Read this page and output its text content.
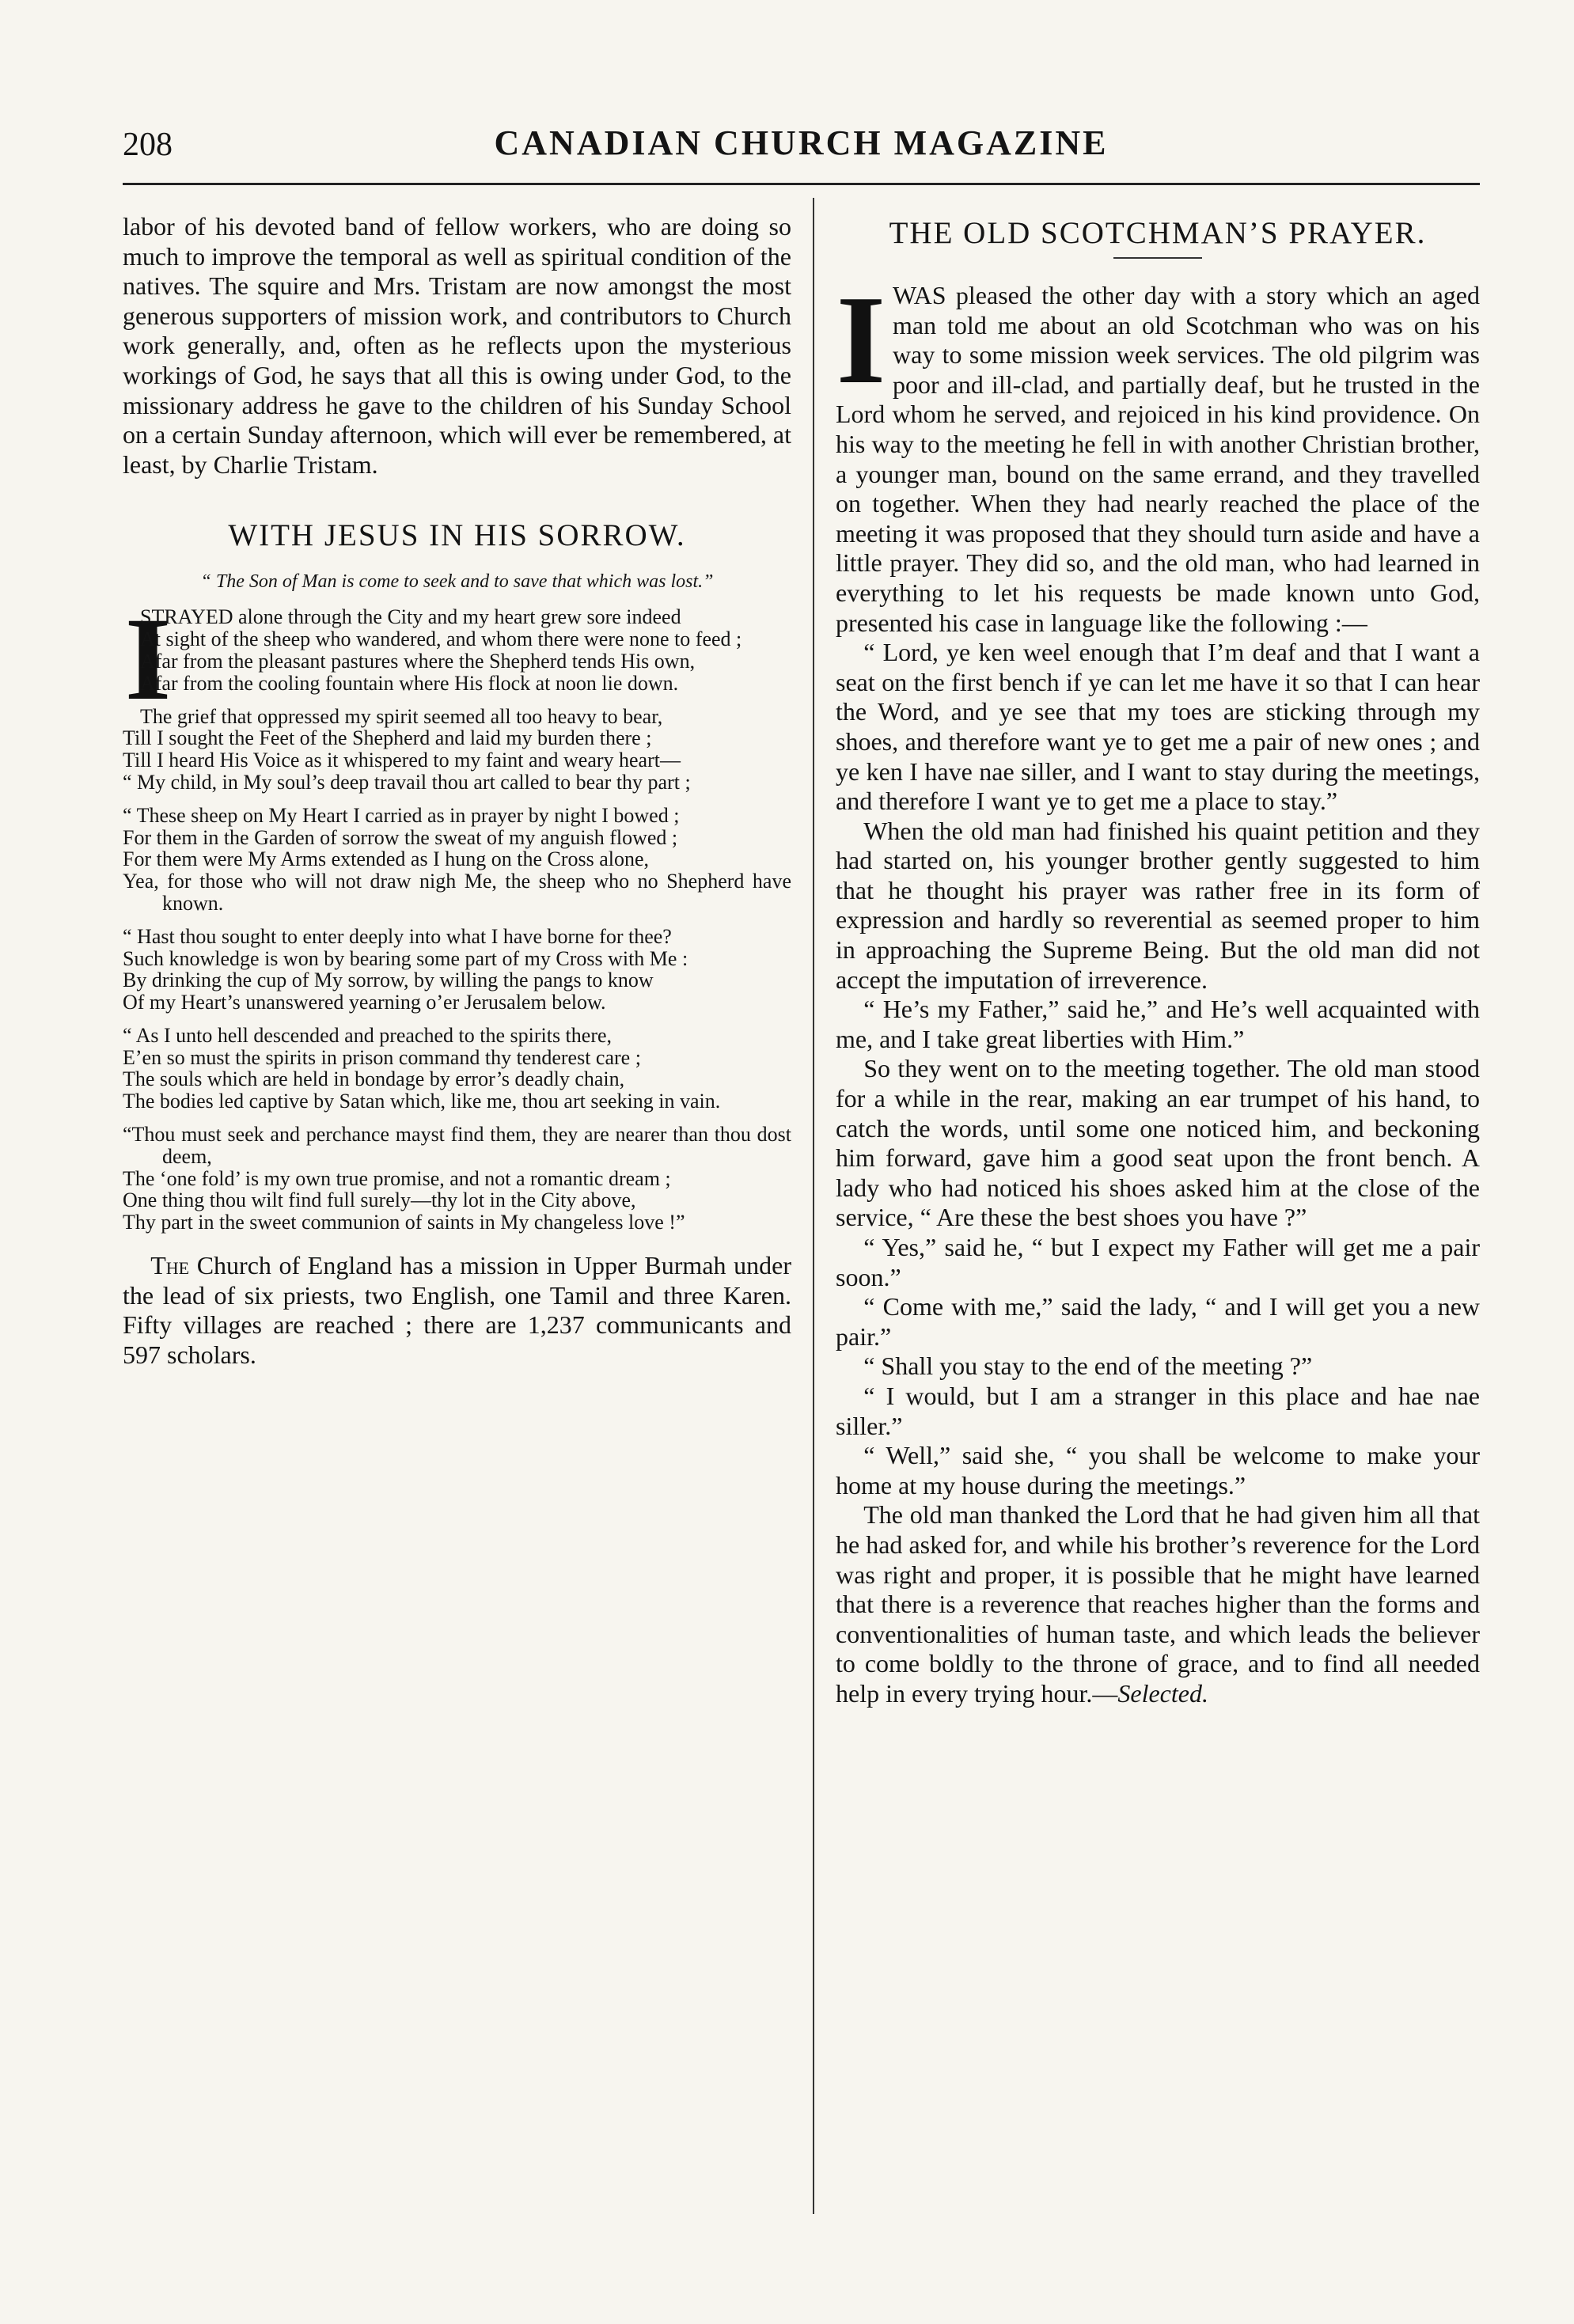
208	CANADIAN CHURCH MAGAZINE

labor of his devoted band of fellow workers, who are doing so much to improve the temporal as well as spiritual condition of the natives. The squire and Mrs. Tristam are now amongst the most generous supporters of mission work, and contributors to Church work generally, and, often as he reflects upon the mysterious workings of God, he says that all this is owing under God, to the missionary address he gave to the children of his Sunday School on a certain Sunday afternoon, which will ever be remembered, at least, by Charlie Tristam.

WITH JESUS IN HIS SORROW.
“ The Son of Man is come to seek and to save that which was lost.”
I
STRAYED alone through the City and my heart grew sore indeed
At sight of the sheep who wandered, and whom there were none to feed ;
Afar from the pleasant pastures where the Shepherd tends His own,
Afar from the cooling fountain where His flock at noon lie down.
The grief that oppressed my spirit seemed all too heavy to bear,
Till I sought the Feet of the Shepherd and laid my burden there ;
Till I heard His Voice as it whispered to my faint and weary heart—
“ My child, in My soul’s deep travail thou art called to bear thy part ;
“ These sheep on My Heart I carried as in prayer by night I bowed ;
For them in the Garden of sorrow the sweat of my anguish flowed ;
For them were My Arms extended as I hung on the Cross alone,
Yea, for those who will not draw nigh Me, the sheep who no Shepherd have known.
“ Hast thou sought to enter deeply into what I have borne for thee?
Such knowledge is won by bearing some part of my Cross with Me :
By drinking the cup of My sorrow, by willing the pangs to know
Of my Heart’s unanswered yearning o’er Jerusalem below.
“ As I unto hell descended and preached to the spirits there,
E’en so must the spirits in prison command thy tenderest care ;
The souls which are held in bondage by error’s deadly chain,
The bodies led captive by Satan which, like me, thou art seeking in vain.
“Thou must seek and perchance mayst find them, they are nearer than thou dost deem,
The ‘one fold’ is my own true promise, and not a romantic dream ;
One thing thou wilt find full surely—thy lot in the City above,
Thy part in the sweet communion of saints in My changeless love !”

The Church of England has a mission in Upper Burmah under the lead of six priests, two English, one Tamil and three Karen. Fifty villages are reached ; there are 1,237 communicants and 597 scholars.

THE OLD SCOTCHMAN’S PRAYER.

IWAS pleased the other day with a story which an aged man told me about an old Scotchman who was on his way to some mission week services. The old pilgrim was poor and ill-clad, and partially deaf, but he trusted in the Lord whom he served, and rejoiced in his kind providence. On his way to the meeting he fell in with another Christian brother, a younger man, bound on the same errand, and they travelled on together. When they had nearly reached the place of the meeting it was proposed that they should turn aside and have a little prayer. They did so, and the old man, who had learned in everything to let his requests be made known unto God, presented his case in language like the following :—

“ Lord, ye ken weel enough that I’m deaf and that I want a seat on the first bench if ye can let me have it so that I can hear the Word, and ye see that my toes are sticking through my shoes, and therefore want ye to get me a pair of new ones ; and ye ken I have nae siller, and I want to stay during the meetings, and therefore I want ye to get me a place to stay.”

When the old man had finished his quaint petition and they had started on, his younger brother gently suggested to him that he thought his prayer was rather free in its form of expression and hardly so reverential as seemed proper to him in approaching the Supreme Being. But the old man did not accept the imputation of irreverence.

“ He’s my Father,” said he,” and He’s well acquainted with me, and I take great liberties with Him.”

So they went on to the meeting together. The old man stood for a while in the rear, making an ear trumpet of his hand, to catch the words, until some one noticed him, and beckoning him forward, gave him a good seat upon the front bench. A lady who had noticed his shoes asked him at the close of the service, “ Are these the best shoes you have ?”

“ Yes,” said he, “ but I expect my Father will get me a pair soon.”

“ Come with me,” said the lady, “ and I will get you a new pair.”

“ Shall you stay to the end of the meeting ?”

“ I would, but I am a stranger in this place and hae nae siller.”

“ Well,” said she, “ you shall be welcome to make your home at my house during the meetings.”

The old man thanked the Lord that he had given him all that he had asked for, and while his brother’s reverence for the Lord was right and proper, it is possible that he might have learned that there is a reverence that reaches higher than the forms and conventionalities of human taste, and which leads the believer to come boldly to the throne of grace, and to find all needed help in every trying hour.—Selected.
